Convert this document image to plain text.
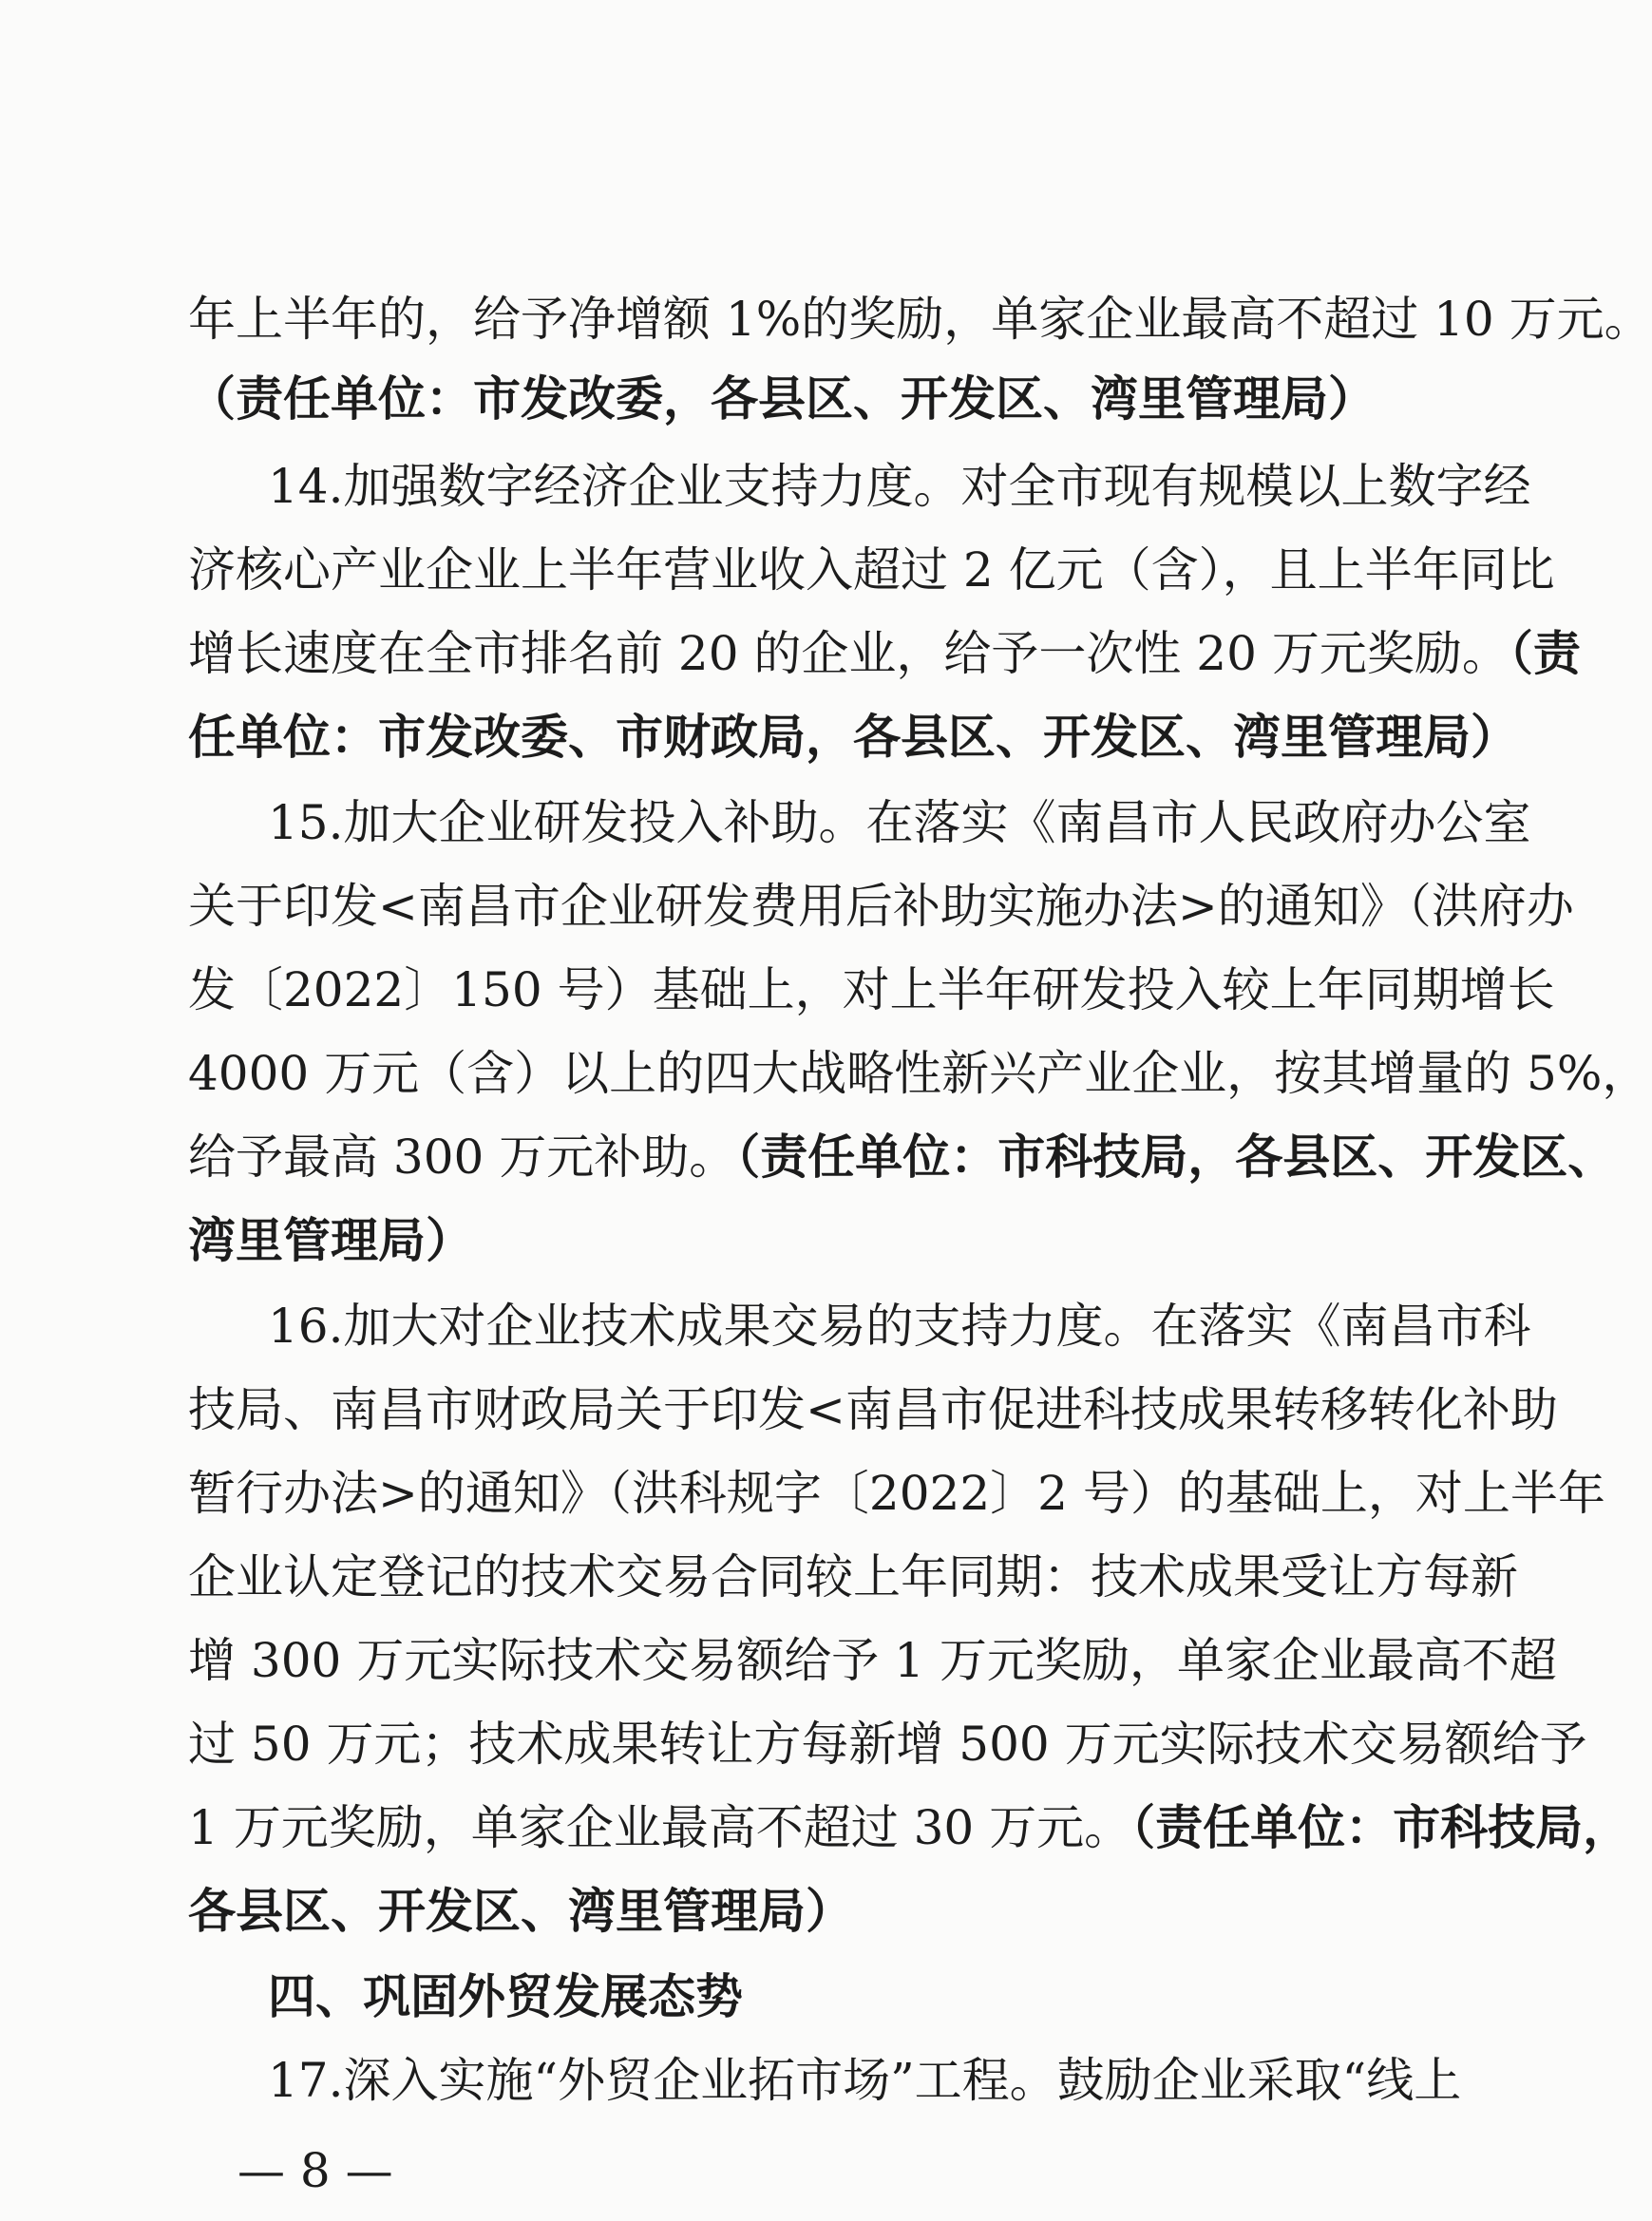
年上半年的，给予净增额 1%的奖励，单家企业最高不超过 10 万元。
（责任单位：市发改委，各县区、开发区、湾里管理局）
14.加强数字经济企业支持力度。对全市现有规模以上数字经
济核心产业企业上半年营业收入超过 2 亿元（含），且上半年同比
增长速度在全市排名前 20 的企业，给予一次性 20 万元奖励。（责
任单位：市发改委、市财政局，各县区、开发区、湾里管理局）
15.加大企业研发投入补助。在落实《南昌市人民政府办公室
关于印发<南昌市企业研发费用后补助实施办法>的通知》（洪府办
发〔2022〕150 号）基础上，对上半年研发投入较上年同期增长
4000 万元（含）以上的四大战略性新兴产业企业，按其增量的 5%，
给予最高 300 万元补助。（责任单位：市科技局，各县区、开发区、
湾里管理局）
16.加大对企业技术成果交易的支持力度。在落实《南昌市科
技局、南昌市财政局关于印发<南昌市促进科技成果转移转化补助
暂行办法>的通知》（洪科规字〔2022〕2 号）的基础上，对上半年
企业认定登记的技术交易合同较上年同期：技术成果受让方每新
增 300 万元实际技术交易额给予 1 万元奖励，单家企业最高不超
过 50 万元；技术成果转让方每新增 500 万元实际技术交易额给予
1 万元奖励，单家企业最高不超过 30 万元。（责任单位：市科技局，
各县区、开发区、湾里管理局）
四、巩固外贸发展态势
17.深入实施“外贸企业拓市场”工程。鼓励企业采取“线上
— 8 —
